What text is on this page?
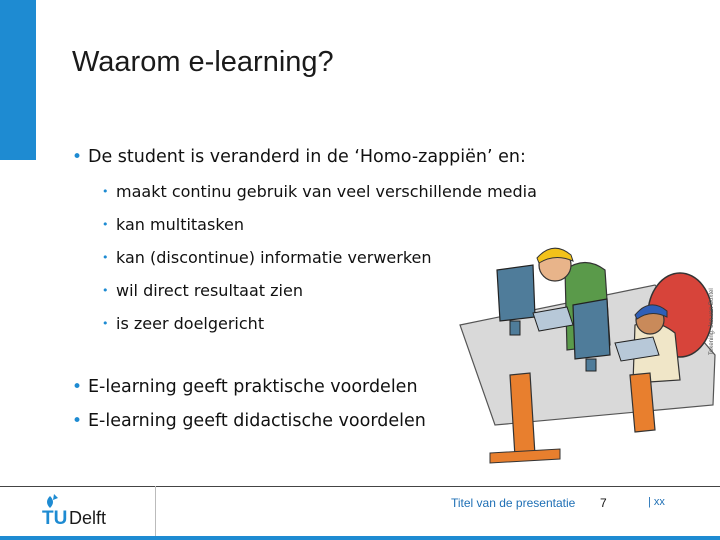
Waarom e-learning?
• De student is veranderd in de ‘Homo-zappiën’ en:
• maakt continu gebruik van veel verschillende media
• kan multitasken
• kan (discontinue) informatie verwerken
• wil direct resultaat zien
• is zeer doelgericht
• E-learning geeft praktische voordelen
• E-learning geeft didactische voordelen
Tekening: Jan van Boxtel
TU Delft
Titel van de presentatie 7	| xx
